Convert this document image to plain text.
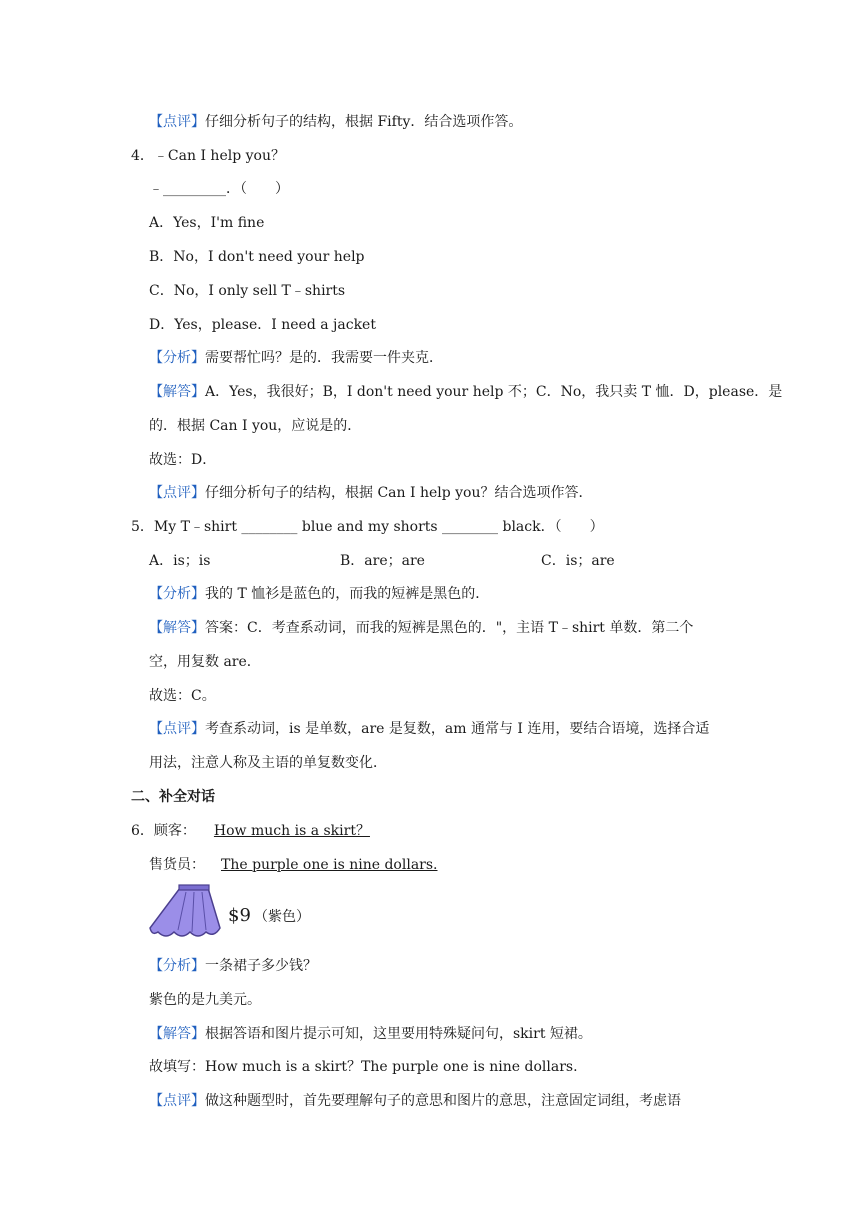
【点评】仔细分析句子的结构，根据 Fifty．结合选项作答。
4．﹣Can I help you？
﹣_________．（　　）
A．Yes，I'm fine
B．No，I don't need your help
C．No，I only sell T﹣shirts
D．Yes，please．I need a jacket
【分析】需要帮忙吗？是的．我需要一件夹克．
【解答】A．Yes，我很好；B，I don't need your help 不；C．No，我只卖 T 恤．D，please．是
的．根据 Can I you，应说是的．
故选：D．
【点评】仔细分析句子的结构，根据 Can I help you？结合选项作答．
5．My T﹣shirt ________ blue and my shorts ________ black．（　　）
A．is；is	B．are；are	C．is；are
【分析】我的 T 恤衫是蓝色的，而我的短裤是黑色的．
【解答】答案：C．考查系动词，而我的短裤是黑色的．"，主语 T﹣shirt 单数．第二个
空，用复数 are．
故选：C。
【点评】考查系动词，is 是单数，are 是复数，am 通常与 I 连用，要结合语境，选择合适
用法，注意人称及主语的单复数变化．
二、补全对话
6．顾客： How much is a skirt？
售货员： The purple one is nine dollars.
$9 （紫色）
【分析】一条裙子多少钱？
紫色的是九美元。
【解答】根据答语和图片提示可知，这里要用特殊疑问句，skirt 短裙。
故填写：How much is a skirt？The purple one is nine dollars.
【点评】做这种题型时，首先要理解句子的意思和图片的意思，注意固定词组，考虑语
